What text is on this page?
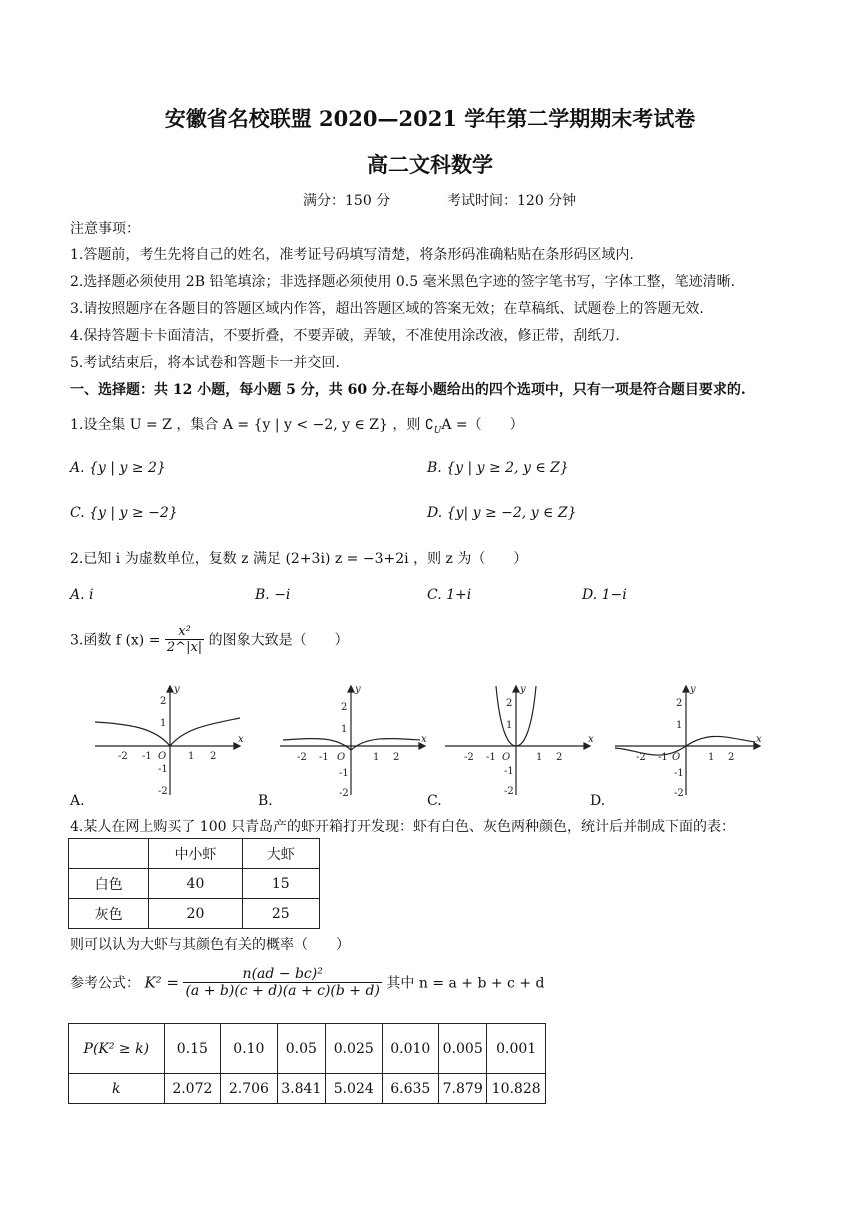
安徽省名校联盟 2020—2021 学年第二学期期末考试卷
高二文科数学
满分：150 分	考试时间：120 分钟
注意事项：
1.答题前，考生先将自己的姓名，准考证号码填写清楚，将条形码准确粘贴在条形码区域内.
2.选择题必须使用 2B 铅笔填涂；非选择题必须使用 0.5 毫米黑色字迹的签字笔书写，字体工整，笔迹清晰.
3.请按照题序在各题目的答题区域内作答，超出答题区域的答案无效；在草稿纸、试题卷上的答题无效.
4.保持答题卡卡面清洁，不要折叠，不要弄破，弄皱，不准使用涂改液，修正带，刮纸刀.
5.考试结束后，将本试卷和答题卡一并交回.
一、选择题：共 12 小题，每小题 5 分，共 60 分.在每小题给出的四个选项中，只有一项是符合题目要求的.
1.设全集 U = Z ，集合 A = {y | y < −2, y ∈ Z} ，则 $∁_UA$ =（　　）
A. {y | y ≥ 2}	B. {y | y ≥ 2, y ∈ Z}
C. {y | y ≥ −2}	D. {y| y ≥ −2, y ∈ Z}
2.已知 i 为虚数单位，复数 z 满足 (2+3i) z = −3+2i ，则 z 为（　　）
A. i	B. −i	C. 1+i	D. 1−i
3.函数 f $(x) = \frac{\text{x²}}{2\^{}|x|}$ 的图象大致是（　　）
-2 -1 O 1 2
x
y
2
1
-1
-2
-2 -1 O	1 2
x
y
2
1
-1
-2
-2 -1 O	1 2
x
y
2
1
-1
-2
-2 -1 O	1 2
x
y
2
1
-1
-2
A.	B.	C.	D.
4.某人在网上购买了 100 只青岛产的虾开箱打开发现：虾有白色、灰色两种颜色，统计后并制成下面的表：
	中小虾	大虾
白色	40	15
灰色	20	25
则可以认为大虾与其颜色有关的概率（　　）
参考公式： $K^2 = \frac{\text{n(ad − bc)²}}{(a + b)(c + d)(a + c)(b + d)}$ 其中 n = a + b + c + d
P(K² ≥ k)	0.15	0.10	0.05	0.025	0.010	0.005	0.001
k	2.072	2.706	3.841	5.024	6.635	7.879	10.828
